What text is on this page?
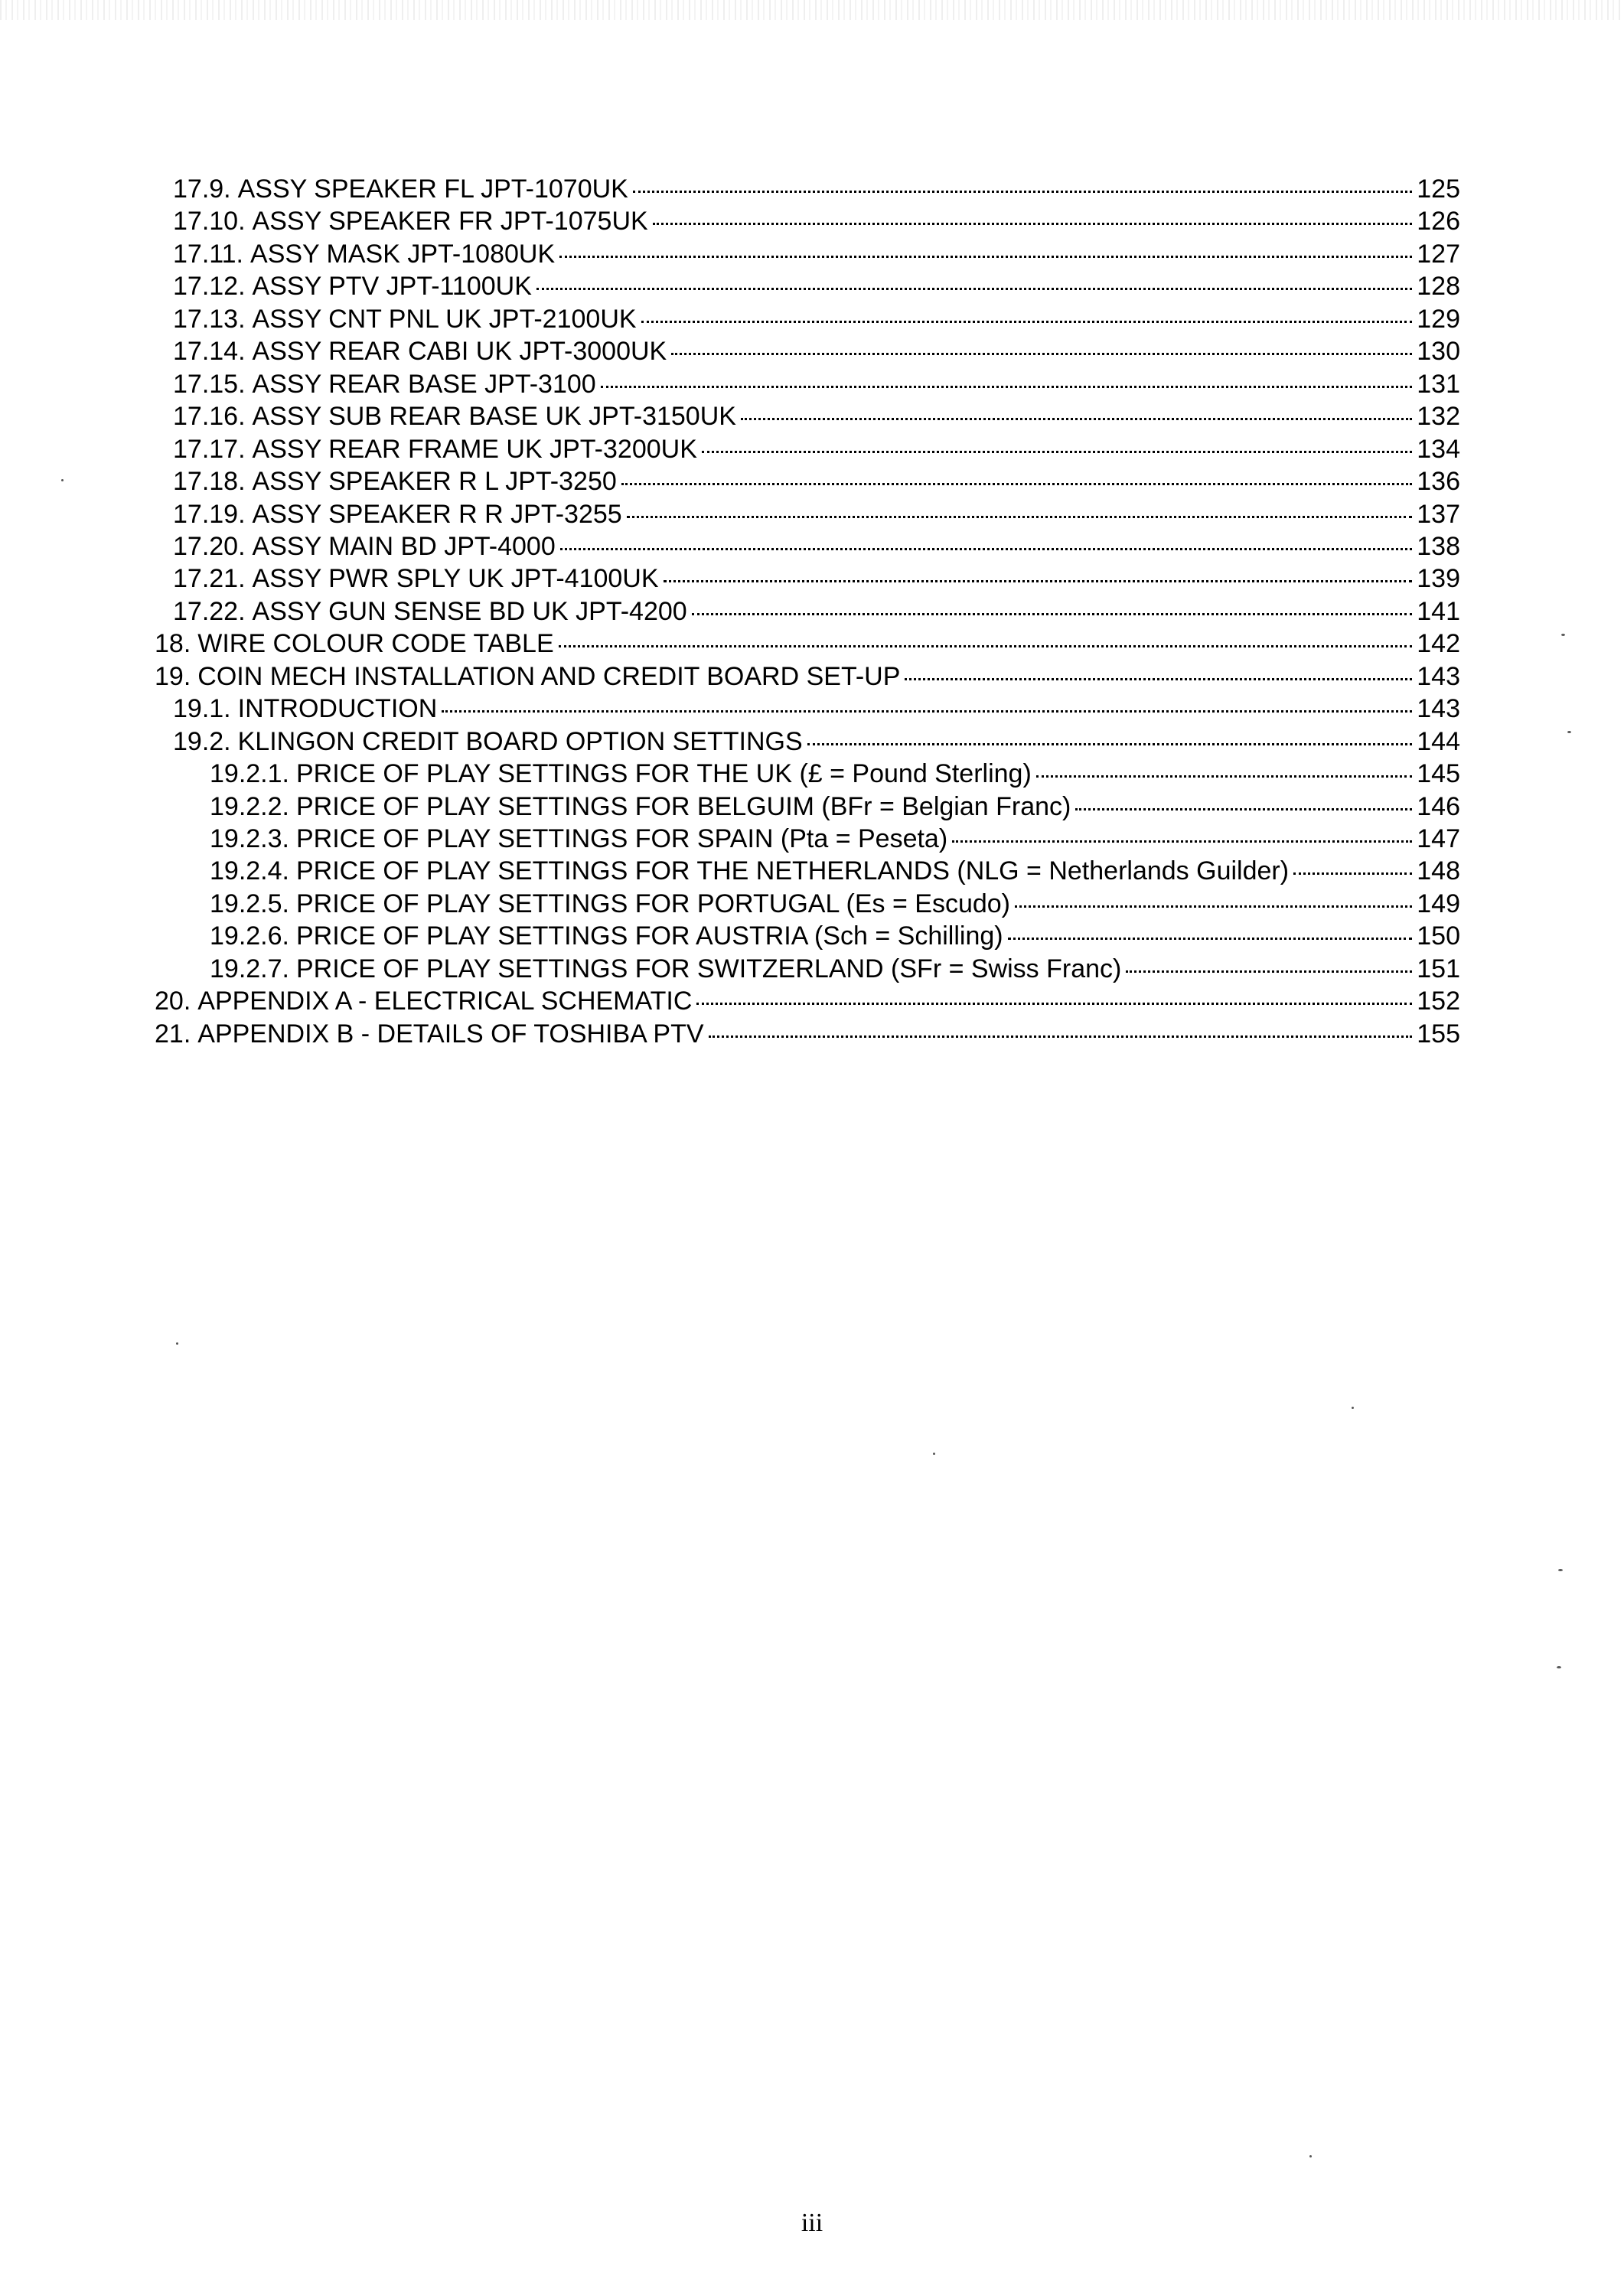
17.9. ASSY SPEAKER FL JPT-1070UK	125
17.10. ASSY SPEAKER FR JPT-1075UK	126
17.11. ASSY MASK JPT-1080UK	127
17.12. ASSY PTV JPT-1100UK	128
17.13. ASSY CNT PNL UK JPT-2100UK	129
17.14. ASSY REAR CABI UK JPT-3000UK	130
17.15. ASSY REAR BASE JPT-3100	131
17.16. ASSY SUB REAR BASE UK JPT-3150UK	132
17.17. ASSY REAR FRAME UK JPT-3200UK	134
17.18. ASSY SPEAKER R L JPT-3250	136
17.19. ASSY SPEAKER R R JPT-3255	137
17.20. ASSY MAIN BD JPT-4000	138
17.21. ASSY PWR SPLY UK JPT-4100UK	139
17.22. ASSY GUN SENSE BD UK JPT-4200	141
18. WIRE COLOUR CODE TABLE	142
19. COIN MECH INSTALLATION AND CREDIT BOARD SET-UP	143
19.1. INTRODUCTION	143
19.2. KLINGON CREDIT BOARD OPTION SETTINGS	144
19.2.1. PRICE OF PLAY SETTINGS FOR THE UK (£ = Pound Sterling)	145
19.2.2. PRICE OF PLAY SETTINGS FOR BELGUIM (BFr = Belgian Franc)	146
19.2.3. PRICE OF PLAY SETTINGS FOR SPAIN (Pta = Peseta)	147
19.2.4. PRICE OF PLAY SETTINGS FOR THE NETHERLANDS (NLG = Netherlands Guilder)	148
19.2.5. PRICE OF PLAY SETTINGS FOR PORTUGAL (Es = Escudo)	149
19.2.6. PRICE OF PLAY SETTINGS FOR AUSTRIA (Sch = Schilling)	150
19.2.7. PRICE OF PLAY SETTINGS FOR SWITZERLAND (SFr = Swiss Franc)	151
20. APPENDIX A - ELECTRICAL SCHEMATIC	152
21. APPENDIX B - DETAILS OF TOSHIBA PTV	155
iii
